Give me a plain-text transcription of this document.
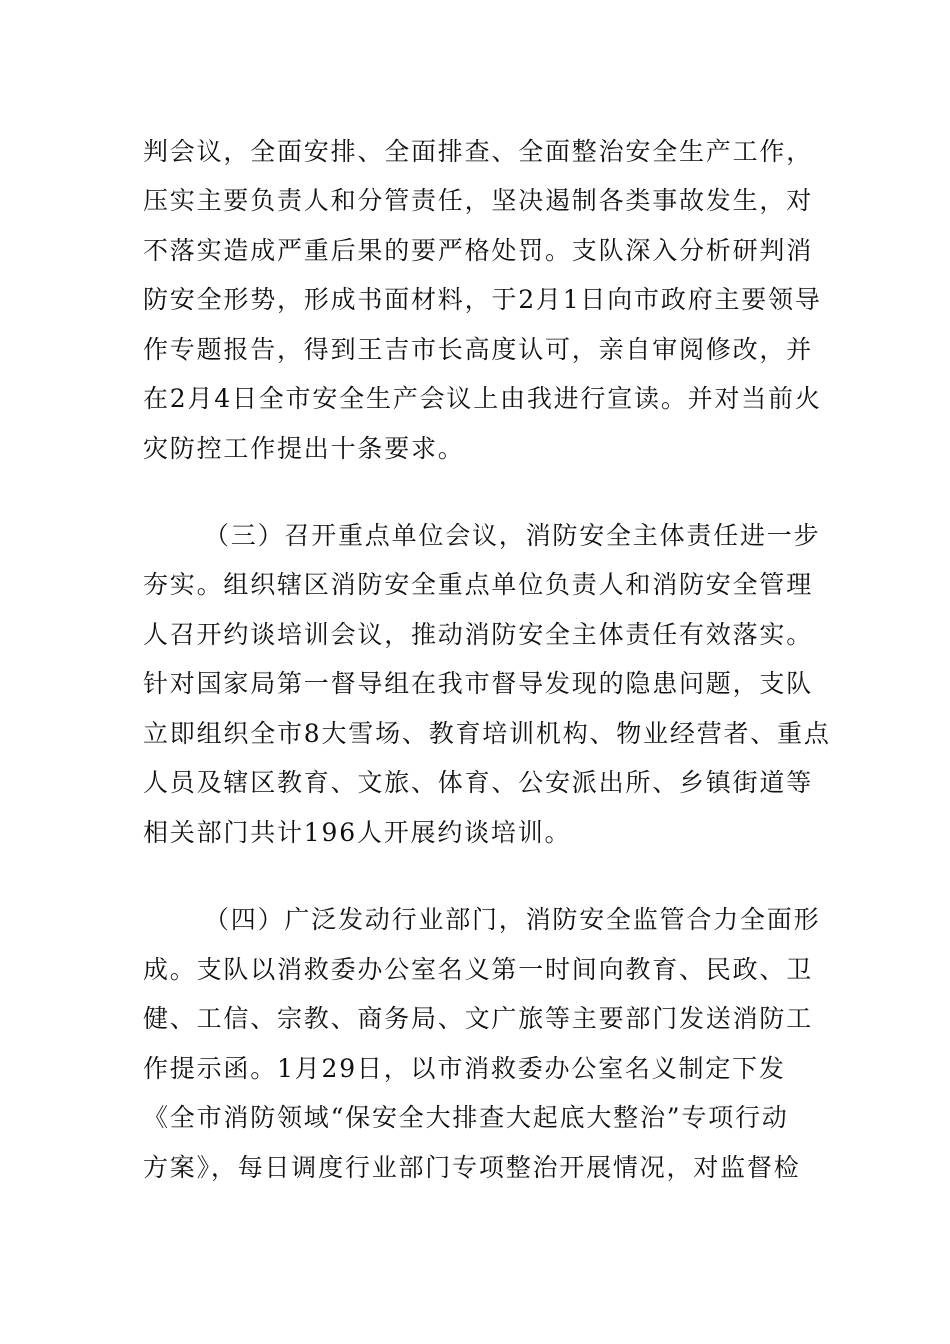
判会议，全面安排、全面排查、全面整治安全生产工作，
压实主要负责人和分管责任，坚决遏制各类事故发生，对
不落实造成严重后果的要严格处罚。支队深入分析研判消
防安全形势，形成书面材料，于2月1日向市政府主要领导
作专题报告，得到王吉市长高度认可，亲自审阅修改，并
在2月4日全市安全生产会议上由我进行宣读。并对当前火
灾防控工作提出十条要求。
（三）召开重点单位会议，消防安全主体责任进一步
夯实。组织辖区消防安全重点单位负责人和消防安全管理
人召开约谈培训会议，推动消防安全主体责任有效落实。
针对国家局第一督导组在我市督导发现的隐患问题，支队
立即组织全市8大雪场、教育培训机构、物业经营者、重点
人员及辖区教育、文旅、体育、公安派出所、乡镇街道等
相关部门共计196人开展约谈培训。
（四）广泛发动行业部门，消防安全监管合力全面形
成。支队以消救委办公室名义第一时间向教育、民政、卫
健、工信、宗教、商务局、文广旅等主要部门发送消防工
作提示函。1月29日，以市消救委办公室名义制定下发
《全市消防领域“保安全大排查大起底大整治”专项行动
方案》，每日调度行业部门专项整治开展情况，对监督检
